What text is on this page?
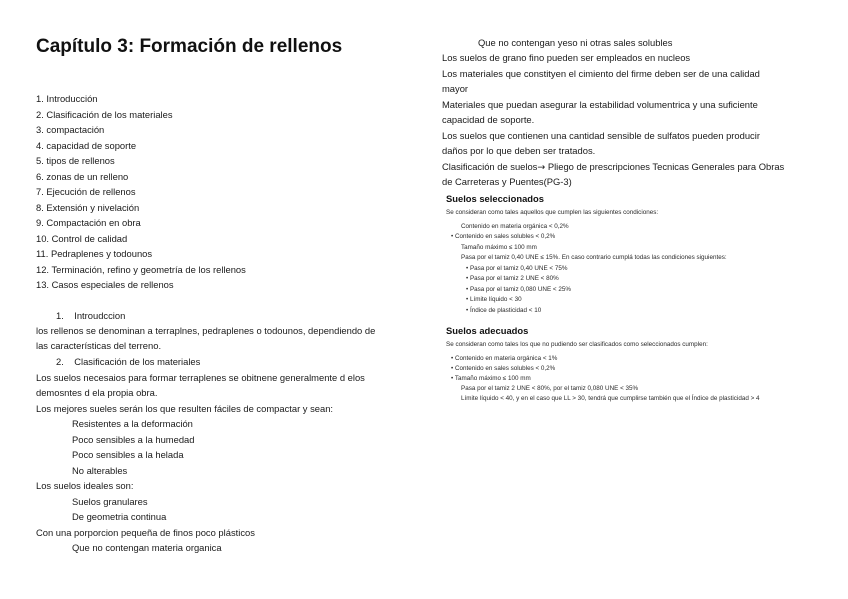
Capítulo 3: Formación de rellenos
1. Introducción
2. Clasificación de los materiales
3. compactación
4. capacidad de soporte
5. tipos de rellenos
6. zonas de un relleno
7. Ejecución de rellenos
8. Extensión y nivelación
9. Compactación en obra
10. Control de calidad
11. Pedraplenes y todounos
12. Terminación, refino y geometría de los rellenos
13. Casos especiales de rellenos
1.    Introudccion
los rellenos se denominan a terraplnes, pedraplenes o todounos, dependiendo de
las características del terreno.
2.    Clasificación de los materiales
Los suelos necesaios para formar terraplenes se obitnene generalmente d elos
demosntes d ela propia obra.
Los mejores sueles serán los que resulten fáciles de compactar y sean:
Resistentes a la deformación
Poco sensibles a la humedad
Poco sensibles a la helada
No alterables
Los suelos ideales son:
Suelos granulares
De geometria continua
Con una porporcion pequeña de finos poco plásticos
Que no contengan materia organica
Que no contengan yeso ni otras sales solubles
Los suelos de grano fino pueden ser empleados en nucleos
Los materiales que constityen el cimiento del firme deben ser de una calidad
mayor
Materiales que puedan asegurar la estabilidad volumentrica y una suficiente
capacidad de soporte.
Los suelos que contienen una cantidad sensible de sulfatos pueden producir
daños por lo que deben ser tratados.
Clasificación de suelos→ Pliego de prescripciones Tecnicas Generales para Obras
de Carreteras y Puentes(PG-3)
Suelos seleccionados
Se consideran como tales aquellos que cumplen las siguientes condiciones:
Contenido en materia orgánica < 0,2%
• Contenido en sales solubles < 0,2%
Tamaño máximo ≤ 100 mm
Pasa por el tamiz 0,40 UNE ≤ 15%. En caso contrario cumplá todas las condiciones siguientes:
• Pasa por el tamiz 0,40 UNE < 75%
• Pasa por el tamiz 2 UNE < 80%
• Pasa por el tamiz 0,080 UNE < 25%
• Límite líquido < 30
• Índice de plasticidad < 10
Suelos adecuados
Se consideran como tales los que no pudiendo ser clasificados como seleccionados cumplen:
• Contenido en materia orgánica < 1%
• Contenido en sales solubles < 0,2%
• Tamaño máximo ≤ 100 mm
Pasa por el tamiz 2 UNE < 80%, por el tamiz 0,080 UNE < 35%
Límite líquido < 40, y en el caso que LL > 30, tendrá que cumplirse también que el Índice de plasticidad > 4
